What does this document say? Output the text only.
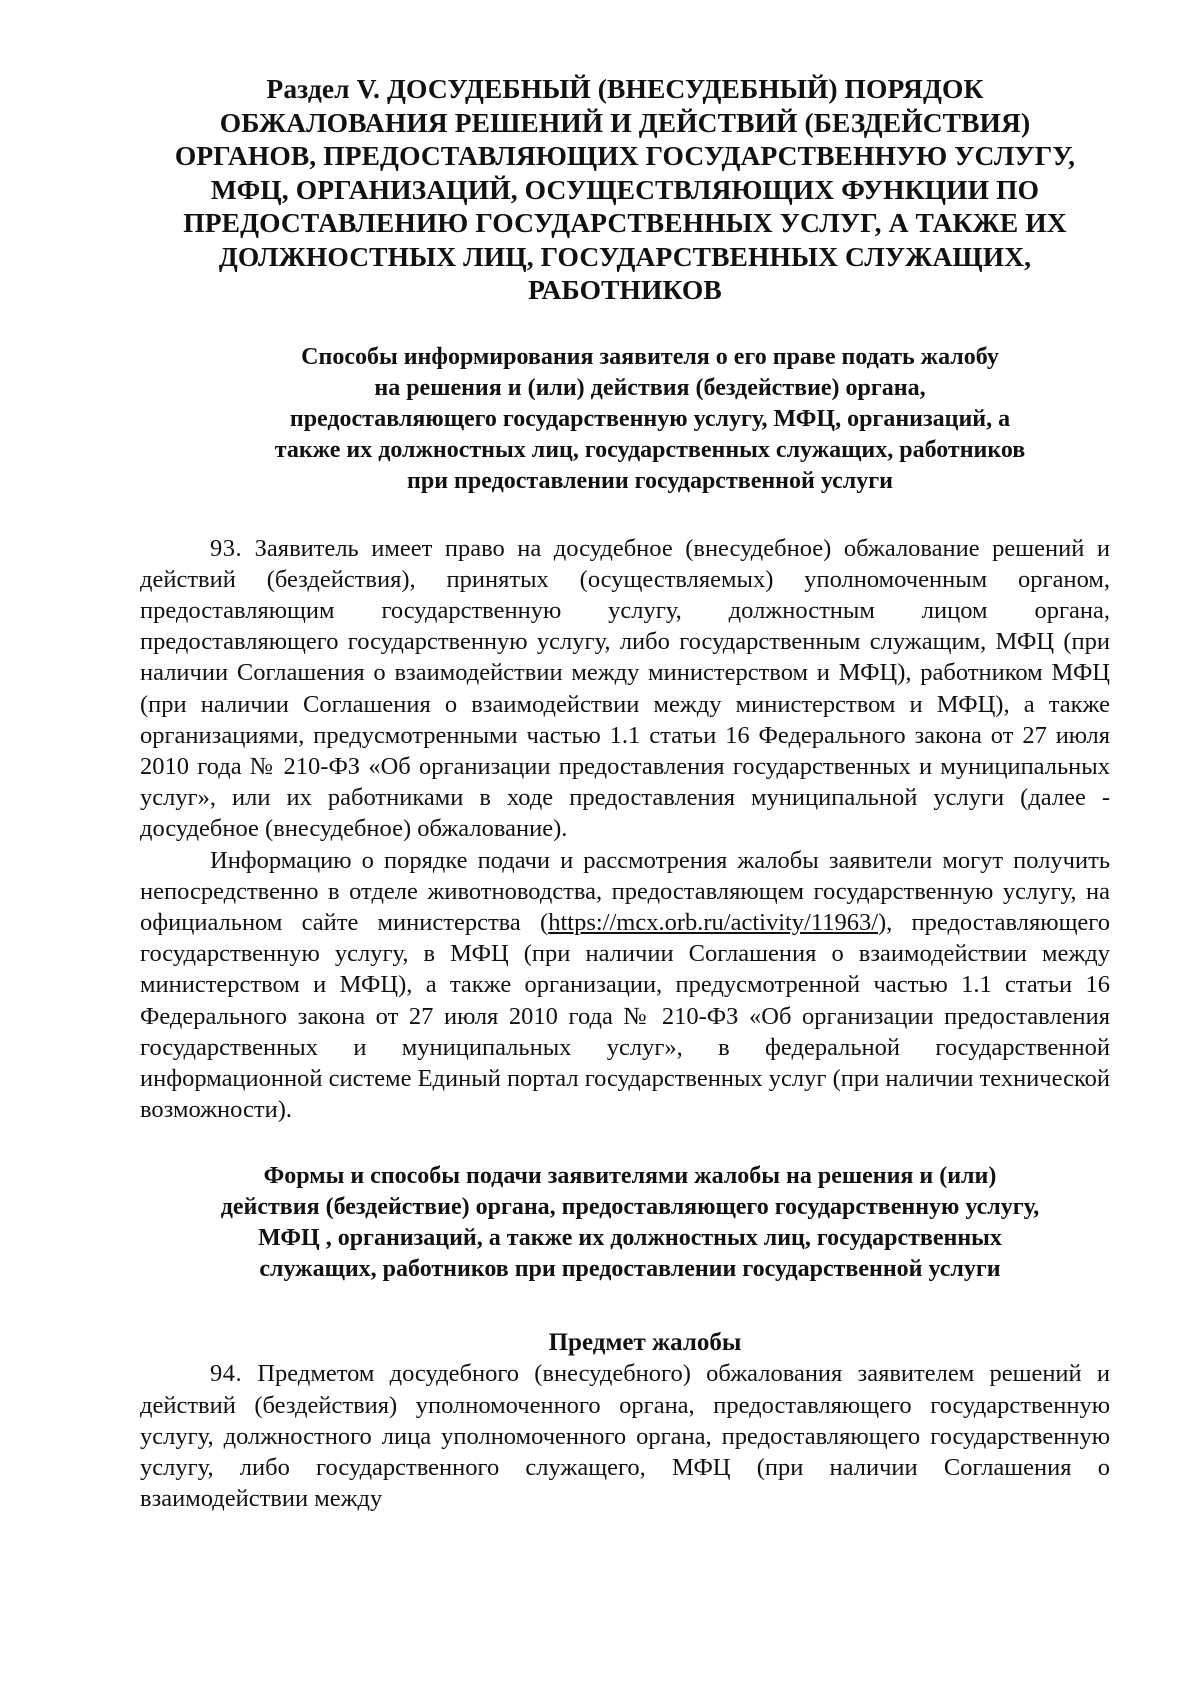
Раздел V. ДОСУДЕБНЫЙ (ВНЕСУДЕБНЫЙ) ПОРЯДОК
ОБЖАЛОВАНИЯ РЕШЕНИЙ И ДЕЙСТВИЙ (БЕЗДЕЙСТВИЯ)
ОРГАНОВ, ПРЕДОСТАВЛЯЮЩИХ ГОСУДАРСТВЕННУЮ УСЛУГУ,
МФЦ, ОРГАНИЗАЦИЙ, ОСУЩЕСТВЛЯЮЩИХ ФУНКЦИИ ПО
ПРЕДОСТАВЛЕНИЮ ГОСУДАРСТВЕННЫХ УСЛУГ, А ТАКЖЕ ИХ
ДОЛЖНОСТНЫХ ЛИЦ, ГОСУДАРСТВЕННЫХ СЛУЖАЩИХ,
РАБОТНИКОВ
Способы информирования заявителя о его праве подать жалобу
на решения и (или) действия (бездействие) органа,
предоставляющего государственную услугу, МФЦ, организаций, а
также их должностных лиц, государственных служащих, работников
при предоставлении государственной услуги

93. Заявитель имеет право на досудебное (внесудебное) обжалование решений и действий (бездействия), принятых (осуществляемых) уполномоченным органом, предоставляющим государственную услугу, должностным лицом органа, предоставляющего государственную услугу, либо государственным служащим, МФЦ (при наличии Соглашения о взаимодействии между министерством и МФЦ), работником МФЦ (при наличии Соглашения о взаимодействии между министерством и МФЦ), а также организациями, предусмотренными частью 1.1 статьи 16 Федерального закона от 27 июля 2010 года № 210-ФЗ «Об организации предоставления государственных и муниципальных услуг», или их работниками в ходе предоставления муниципальной услуги (далее - досудебное (внесудебное) обжалование).

Информацию о порядке подачи и рассмотрения жалобы заявители могут получить непосредственно в отделе животноводства, предоставляющем государственную услугу, на официальном сайте министерства (https://mcx.orb.ru/activity/11963/), предоставляющего государственную услугу, в МФЦ (при наличии Соглашения о взаимодействии между министерством и МФЦ), а также организации, предусмотренной частью 1.1 статьи 16 Федерального закона от 27 июля 2010 года № 210-ФЗ «Об организации предоставления государственных и муниципальных услуг», в федеральной государственной информационной системе Единый портал государственных услуг (при наличии технической возможности).

Формы и способы подачи заявителями жалобы на решения и (или)
действия (бездействие) органа, предоставляющего государственную услугу,
МФЦ , организаций, а также их должностных лиц, государственных
служащих, работников при предоставлении государственной услуги
Предмет жалобы

94. Предметом досудебного (внесудебного) обжалования заявителем решений и действий (бездействия) уполномоченного органа, предоставляющего государственную услугу, должностного лица уполномоченного органа, предоставляющего государственную услугу, либо государственного служащего, МФЦ (при наличии Соглашения о взаимодействии между
